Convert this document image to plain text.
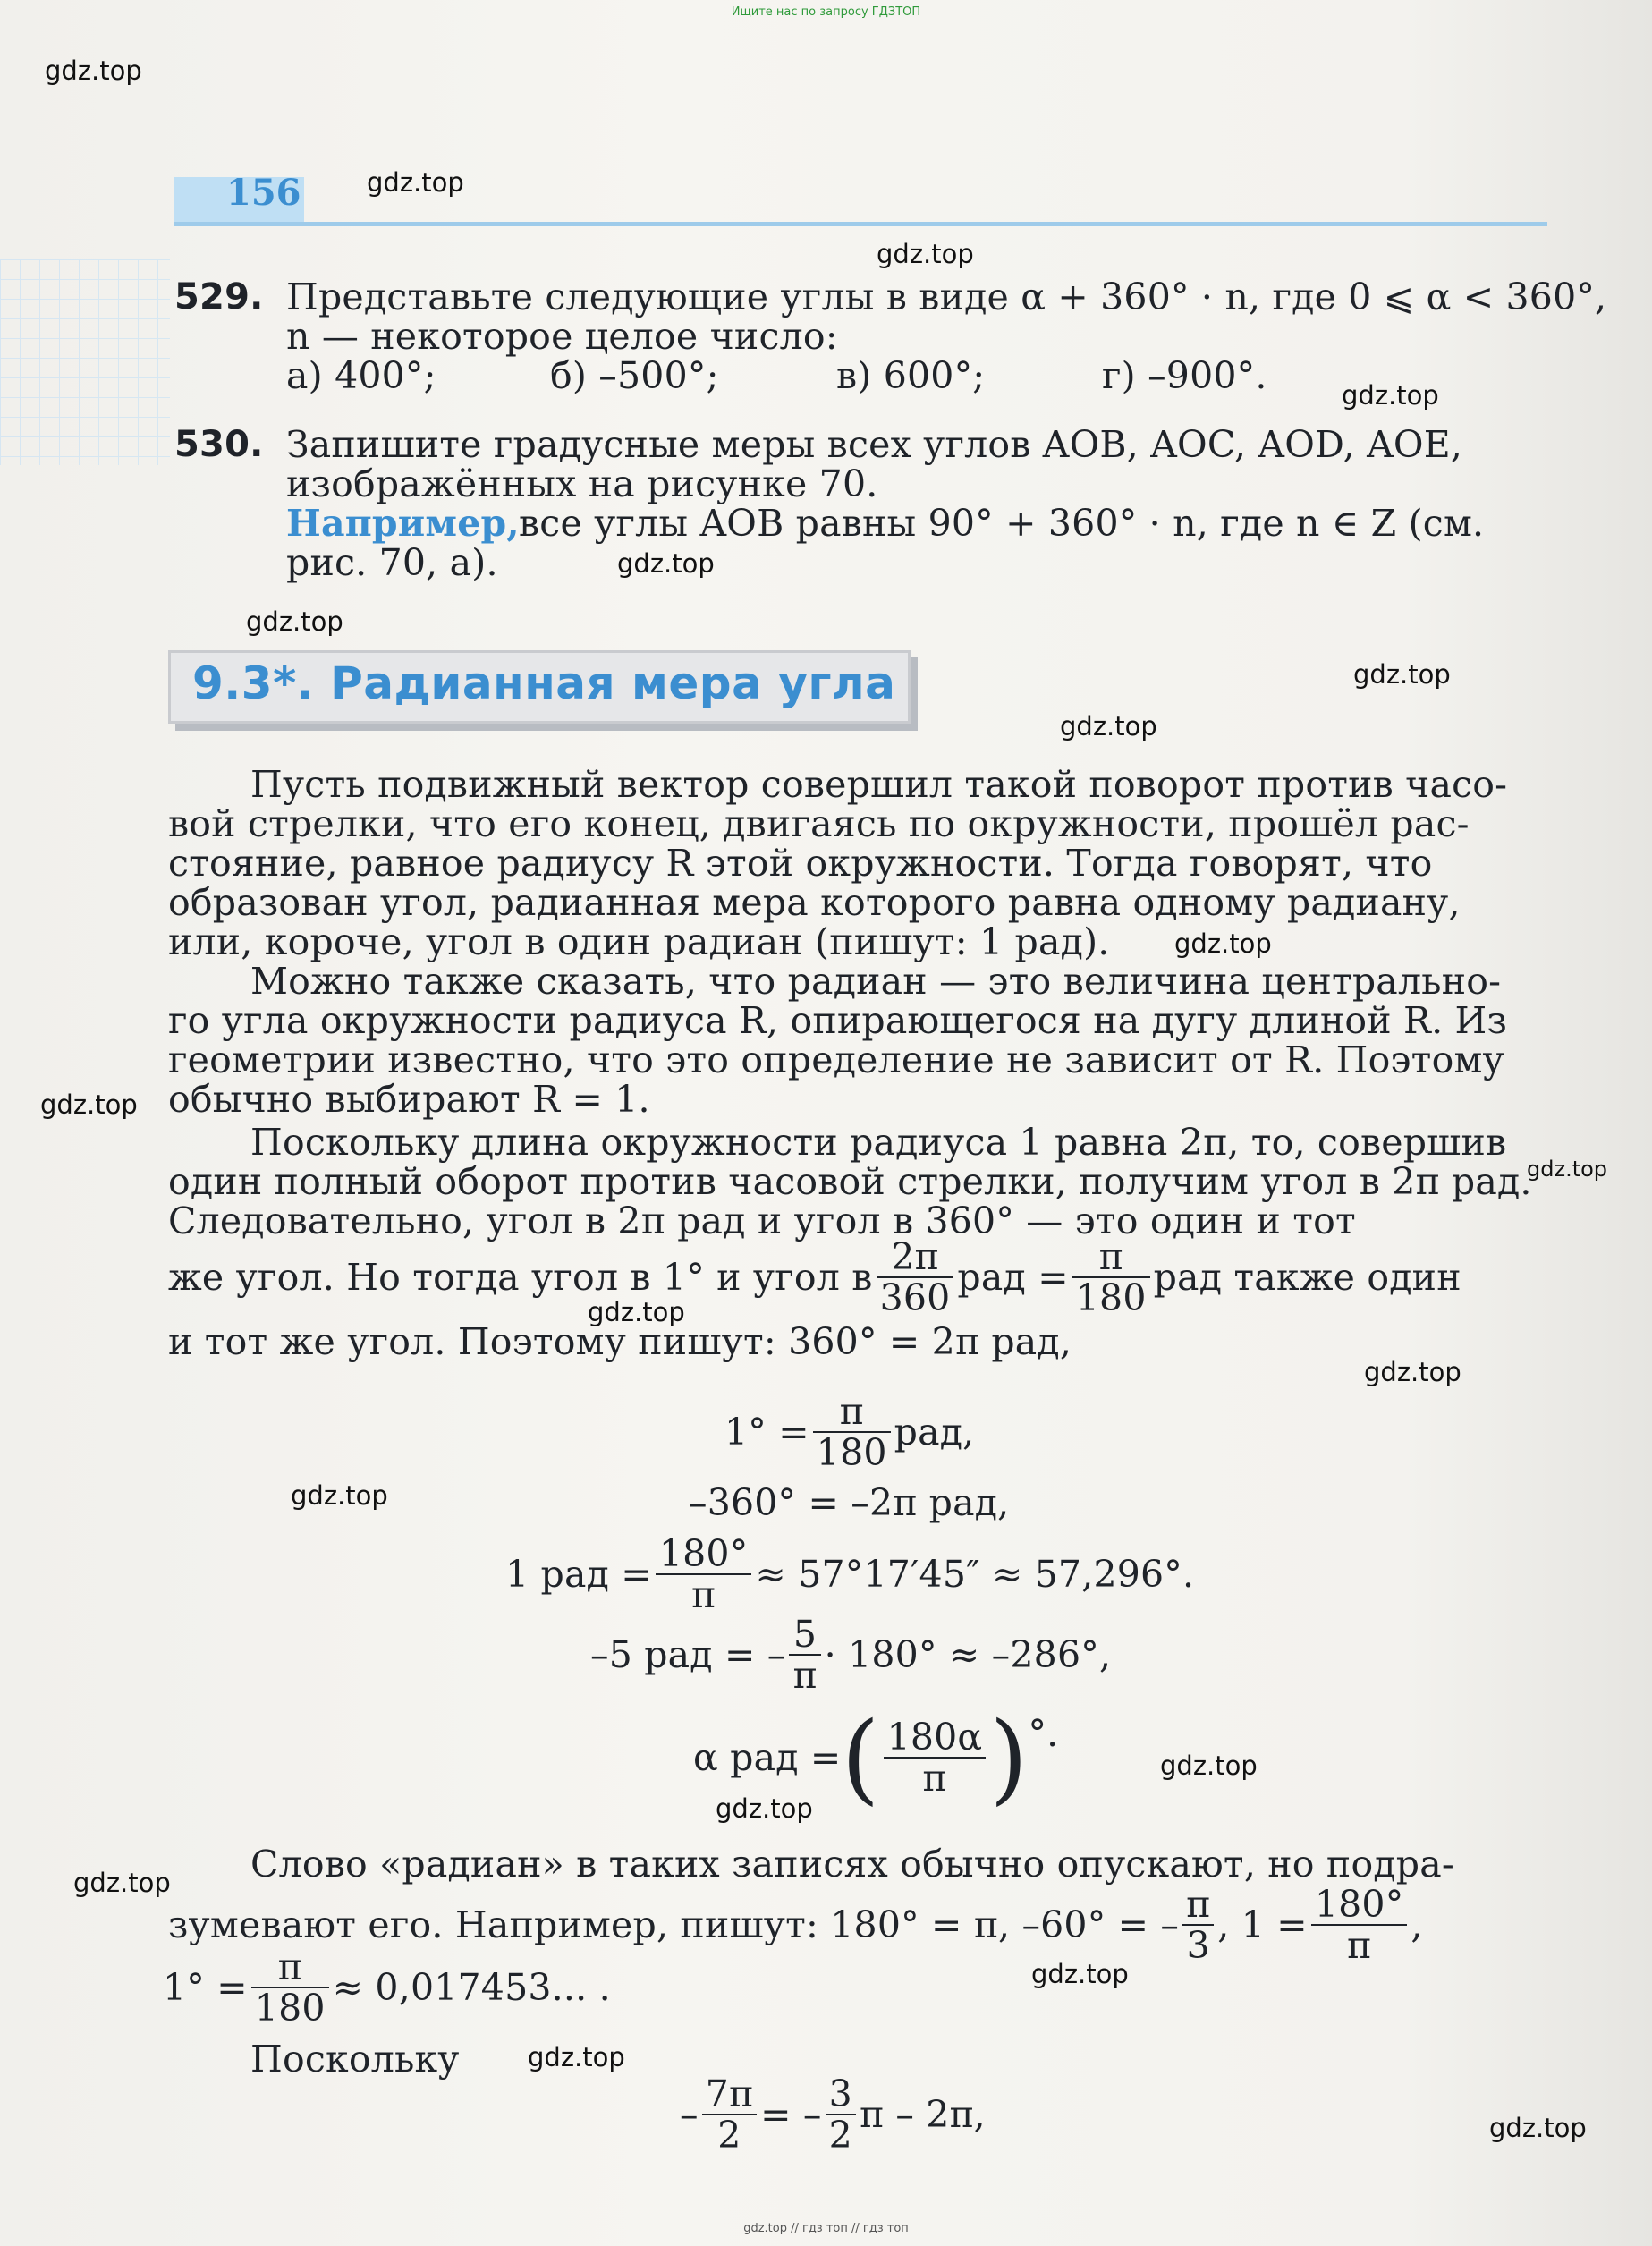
Ищите нас по запросу ГДЗТОП
156
529. Представьте следующие углы в виде α + 360° · n, где 0 ⩽ α < 360°,
n — некоторое целое число:
а) 400°;	б) –500°;	в) 600°;	г) –900°.
530. Запишите градусные меры всех углов AOB, AOC, AOD, AOE,
изображённых на рисунке 70.
Например, все углы AOB равны 90° + 360° · n, где n ∈ Z (см.
рис. 70, а).
9.3*. Радианная мера угла
Пусть подвижный вектор совершил такой поворот против часо-
вой стрелки, что его конец, двигаясь по окружности, прошёл рас-
стояние, равное радиусу R этой окружности. Тогда говорят, что
образован угол, радианная мера которого равна одному радиану,
или, короче, угол в один радиан (пишут: 1 рад).
Можно также сказать, что радиан — это величина центрально-
го угла окружности радиуса R, опирающегося на дугу длиной R. Из
геометрии известно, что это определение не зависит от R. Поэтому
обычно выбирают R = 1.
Поскольку длина окружности радиуса 1 равна 2π, то, совершив
один полный оборот против часовой стрелки, получим угол в 2π рад.
Следовательно, угол в 2π рад и угол в 360° — это один и тот
же угол. Но тогда угол в 1° и угол в $\frac{2\pi}{360}$ рад = $\frac{\pi}{180}$ рад также один
и тот же угол. Поэтому пишут: 360° = 2π рад,
$1^\circ = \frac{\pi}{180}$ рад,
–360° = –2π рад,
1 рад = $\frac{180^\circ}{\pi} \approx 57^\circ 17'45'' \approx 57,296^\circ$.
–5 рад = – $\frac{5}{\pi} \cdot 180^\circ \approx -286^\circ$,
α рад = ( $\frac{180\alpha}{\pi}$ ) °.
Слово «радиан» в таких записях обычно опускают, но подра-
зумевают его. Например, пишут: 180° = π, –60° = – $\frac{\pi}{3}$ , $1 = \frac{180^\circ}{\pi}$ ,
$1^\circ = \frac{\pi}{180} \approx 0,017453$... .
Поскольку
– $\frac{7\pi}{2}$ = – $\frac{3}{2}$ π – 2π,
gdz.top
gdz.top
gdz.top
gdz.top
gdz.top
gdz.top
gdz.top
gdz.top
gdz.top
gdz.top
gdz.top
gdz.top
gdz.top
gdz.top
gdz.top
gdz.top
gdz.top
gdz.top
gdz.top
gdz.top
gdz.top // гдз топ // гдз топ
